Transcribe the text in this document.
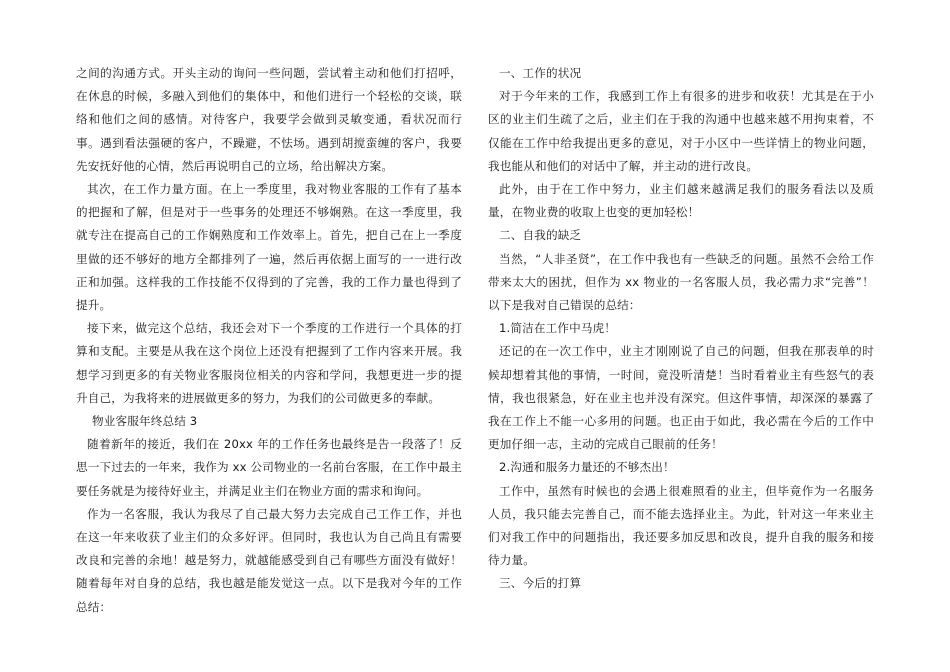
之间的沟通方式。开头主动的询问一些问题，尝试着主动和他们打招呼，在休息的时候，多融入到他们的集体中，和他们进行一个轻松的交谈，联络和他们之间的感情。对待客户，我要学会做到灵敏变通，看状况而行事。遇到看法强硬的客户，不躁避，不怯场。遇到胡搅蛮缠的客户，我要先安抚好他的心情，然后再说明自己的立场，给出解决方案。

其次，在工作力量方面。在上一季度里，我对物业客服的工作有了基本的把握和了解，但是对于一些事务的处理还不够娴熟。在这一季度里，我就专注在提高自己的工作娴熟度和工作效率上。首先，把自己在上一季度里做的还不够好的地方全都排列了一遍，然后再依据上面写的一一进行改正和加强。这样我的工作技能不仅得到的了完善，我的工作力量也得到了提升。

接下来，做完这个总结，我还会对下一个季度的工作进行一个具体的打算和支配。主要是从我在这个岗位上还没有把握到了工作内容来开展。我想学习到更多的有关物业客服岗位相关的内容和学问，我想更进一步的提升自己，为我将来的进展做更多的努力，为我们的公司做更多的奉献。

物业客服年终总结 3

随着新年的接近，我们在 20xx 年的工作任务也最终是告一段落了！反思一下过去的一年来，我作为 xx 公司物业的一名前台客服，在工作中最主要任务就是为接待好业主，并满足业主们在物业方面的需求和询问。

作为一名客服，我认为我尽了自己最大努力去完成自己工作工作，并也在这一年来收获了业主们的众多好评。但同时，我也认为自己尚且有需要改良和完善的余地！越是努力，就越能感受到自己有哪些方面没有做好！随着每年对自身的总结，我也越是能发觉这一点。以下是我对今年的工作总结：

一、工作的状况

对于今年来的工作，我感到工作上有很多的进步和收获！尤其是在于小区的业主们生疏了之后，业主们在于我的沟通中也越来越不用拘束着，不仅能在工作中给我提出更多的意见，对于小区中一些详情上的物业问题，我也能从和他们的对话中了解，并主动的进行改良。

此外，由于在工作中努力，业主们越来越满足我们的服务看法以及质量，在物业费的收取上也变的更加轻松！

二、自我的缺乏

当然，“人非圣贤”，在工作中我也有一些缺乏的问题。虽然不会给工作带来太大的困扰，但作为 xx 物业的一名客服人员，我必需力求“完善”！以下是我对自己错误的总结：

1.简洁在工作中马虎！

还记的在一次工作中，业主才刚刚说了自己的问题，但我在那表单的时候却想着其他的事情，一时间，竟没听清楚！当时看着业主有些怒气的表情，我也很紧急，好在业主也并没有深究。但这件事情，却深深的暴露了我在工作上不能一心多用的问题。也正由于如此，我必需在今后的工作中更加仔细一志，主动的完成自己眼前的任务！

2.沟通和服务力量还的不够杰出！

工作中，虽然有时候也的会遇上很难照看的业主，但毕竟作为一名服务人员，我只能去完善自己，而不能去选择业主。为此，针对这一年来业主们对我工作中的问题指出，我还要多加反思和改良，提升自我的服务和接待力量。

三、今后的打算
